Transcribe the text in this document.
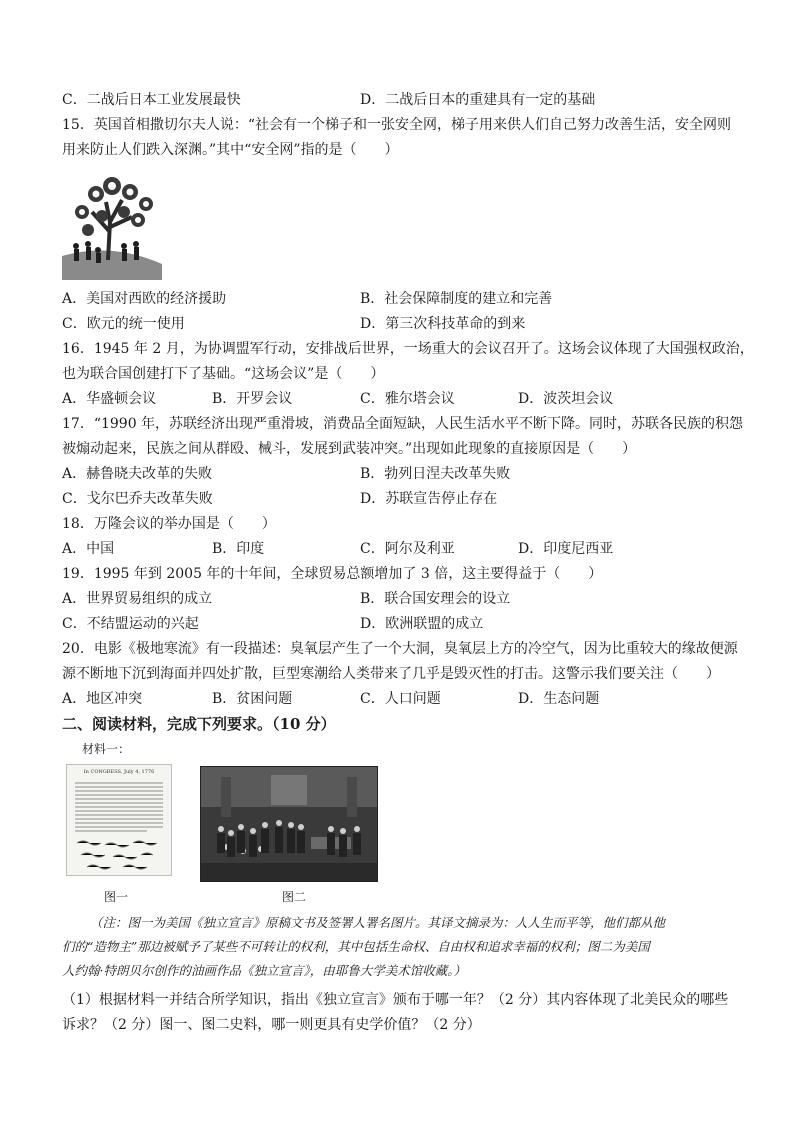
C．二战后日本工业发展最快	D．二战后日本的重建具有一定的基础
15．英国首相撒切尔夫人说：“社会有一个梯子和一张安全网，梯子用来供人们自己努力改善生活，安全网则
用来防止人们跌入深渊。”其中“安全网”指的是（　　）
A．美国对西欧的经济援助	B．社会保障制度的建立和完善
C．欧元的统一使用	D．第三次科技革命的到来
16．1945 年 2 月，为协调盟军行动，安排战后世界，一场重大的会议召开了。这场会议体现了大国强权政治，
也为联合国创建打下了基础。“这场会议”是（　　）
A．华盛顿会议	B．开罗会议	C．雅尔塔会议	D．波茨坦会议
17．“1990 年，苏联经济出现严重滑坡，消费品全面短缺，人民生活水平不断下降。同时，苏联各民族的积怨
被煽动起来，民族之间从群殴、械斗，发展到武装冲突。”出现如此现象的直接原因是（　　）
A．赫鲁晓夫改革的失败	B．勃列日涅夫改革失败
C．戈尔巴乔夫改革失败	D．苏联宣告停止存在
18．万隆会议的举办国是（　　）
A．中国	B．印度	C．阿尔及利亚	D．印度尼西亚
19．1995 年到 2005 年的十年间，全球贸易总额增加了 3 倍，这主要得益于（　　）
A．世界贸易组织的成立	B．联合国安理会的设立
C．不结盟运动的兴起	D．欧洲联盟的成立
20．电影《极地寒流》有一段描述：臭氧层产生了一个大洞，臭氧层上方的冷空气，因为比重较大的缘故便源
源不断地下沉到海面并四处扩散，巨型寒潮给人类带来了几乎是毁灭性的打击。这警示我们要关注（　　）
A．地区冲突	B．贫困问题	C．人口问题	D．生态问题
二、阅读材料，完成下列要求。（10 分）
材料一：
In CONGRESS, July 4, 1776
图一	图二
（注：图一为美国《独立宣言》原稿文书及签署人署名图片。其译文摘录为：人人生而平等，他们都从他
们的“造物主”那边被赋予了某些不可转让的权利，其中包括生命权、自由权和追求幸福的权利；图二为美国
人约翰·特朗贝尔创作的油画作品《独立宣言》，由耶鲁大学美术馆收藏。）
（1）根据材料一并结合所学知识，指出《独立宣言》颁布于哪一年？（2 分）其内容体现了北美民众的哪些
诉求？（2 分）图一、图二史料，哪一则更具有史学价值？（2 分）
